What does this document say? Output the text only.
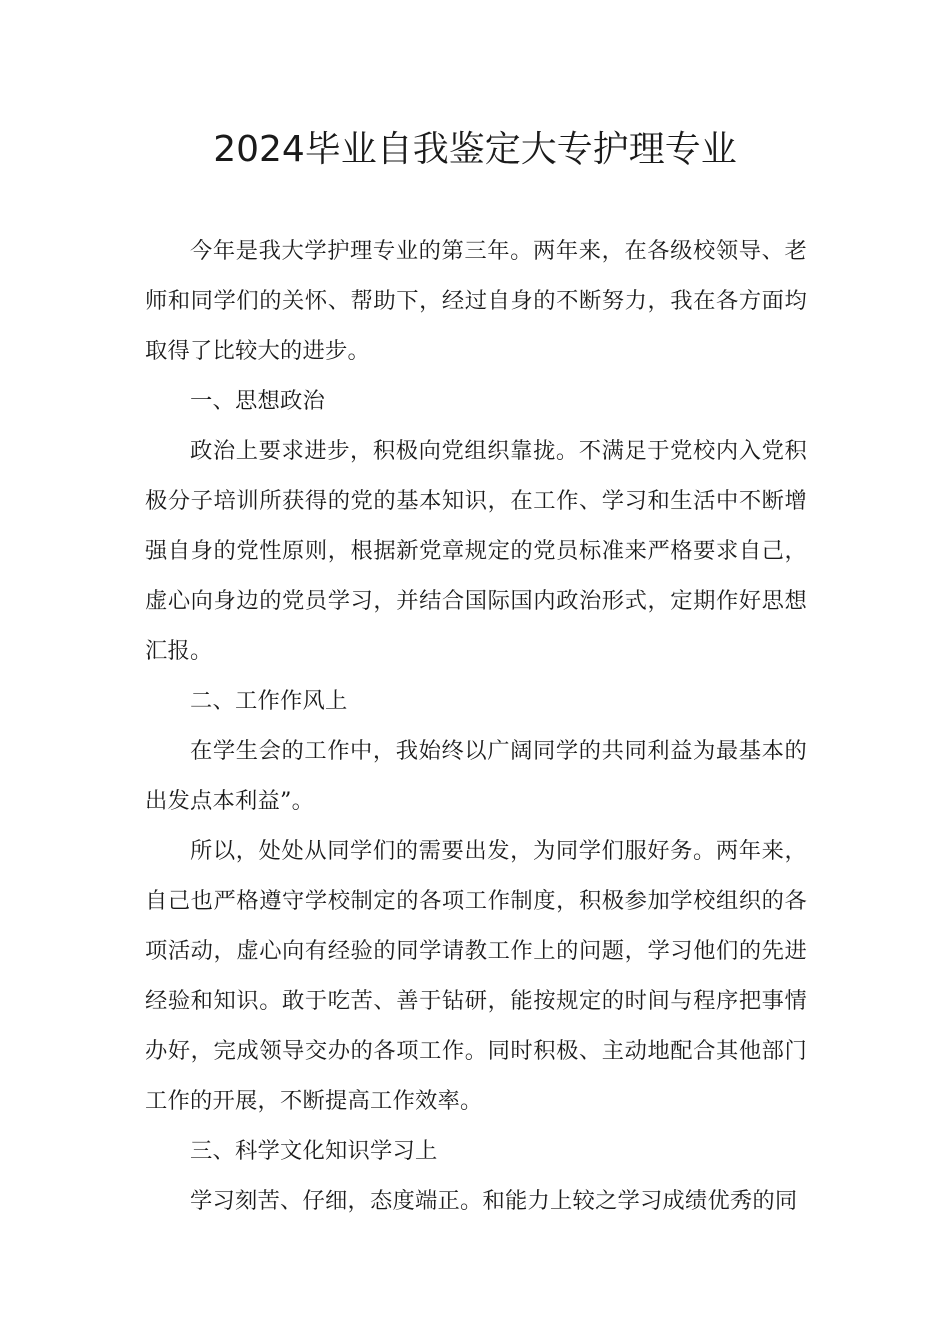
2024毕业自我鉴定大专护理专业

今年是我大学护理专业的第三年。两年来，在各级校领导、老师和同学们的关怀、帮助下，经过自身的不断努力，我在各方面均取得了比较大的进步。

一、思想政治

政治上要求进步，积极向党组织靠拢。不满足于党校内入党积极分子培训所获得的党的基本知识，在工作、学习和生活中不断增强自身的党性原则，根据新党章规定的党员标准来严格要求自己，虚心向身边的党员学习，并结合国际国内政治形式，定期作好思想汇报。

二、工作作风上

在学生会的工作中，我始终以广阔同学的共同利益为最基本的出发点本利益”。

所以，处处从同学们的需要出发，为同学们服好务。两年来，自己也严格遵守学校制定的各项工作制度，积极参加学校组织的各项活动，虚心向有经验的同学请教工作上的问题，学习他们的先进经验和知识。敢于吃苦、善于钻研，能按规定的时间与程序把事情办好，完成领导交办的各项工作。同时积极、主动地配合其他部门工作的开展，不断提高工作效率。

三、科学文化知识学习上

学习刻苦、仔细，态度端正。和能力上较之学习成绩优秀的同
